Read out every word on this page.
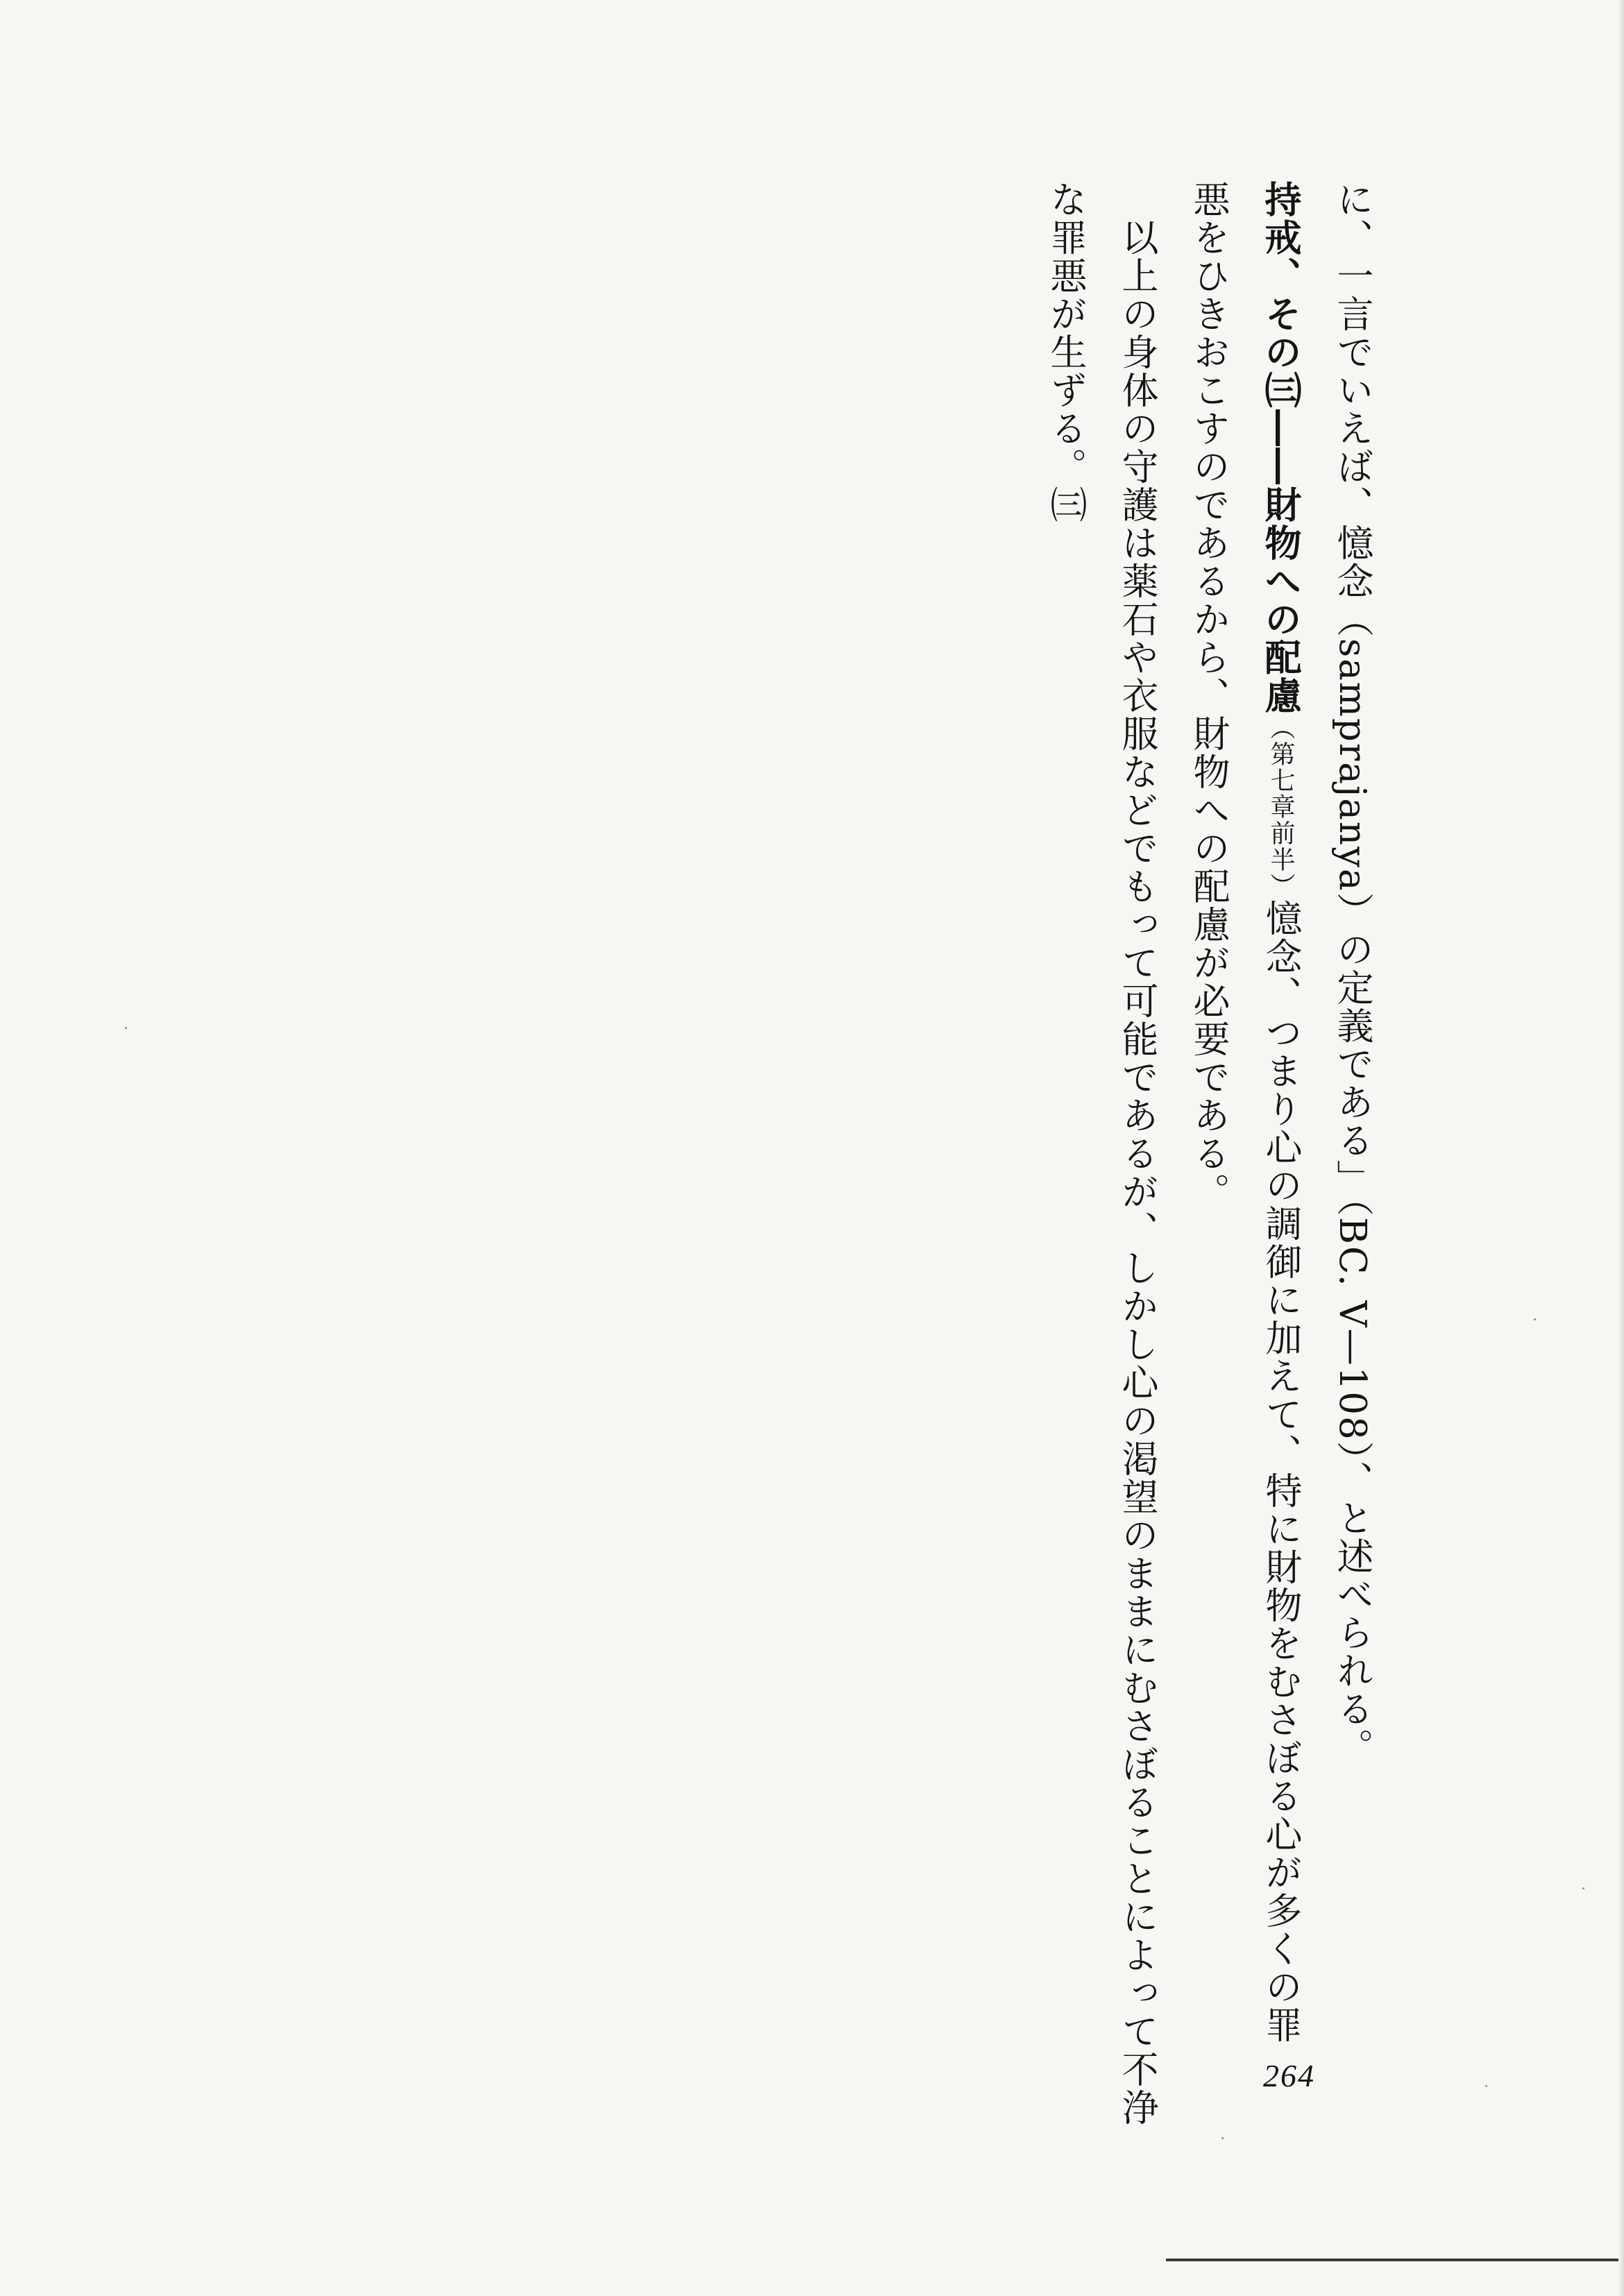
に、一言でいえば、憶念（samprajanya）の定義である」（BC. V—108）、と述べられる。
持戒、その㈢――財物への配慮（第七章前半）憶念、つまり心の調御に加えて、特に財物をむさぼる心が多くの罪
悪をひきおこすのであるから、財物への配慮が必要である。
　以上の身体の守護は薬石や衣服などでもって可能であるが、しかし心の渇望のままにむさぼることによって不浄
な罪悪が生ずる。㈢
264
